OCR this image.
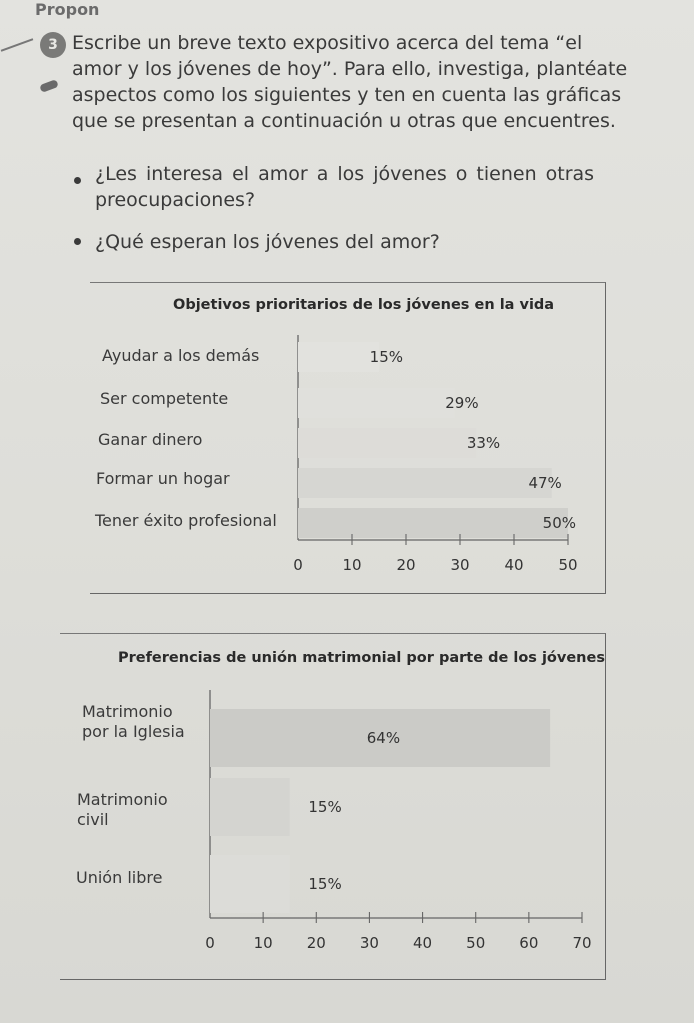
Propon
3 Escribe un breve texto expositivo acerca del tema “el
amor y los jóvenes de hoy”. Para ello, investiga, plantéate
aspectos como los siguientes y ten en cuenta las gráficas
que se presentan a continuación u otras que encuentres.
¿Les interesa el amor a los jóvenes o tienen otras
preocupaciones?
¿Qué esperan los jóvenes del amor?
Objetivos prioritarios de los jóvenes en la vida
Ayudar a los demás
Ser competente
Ganar dinero
Formar un hogar
Tener éxito profesional
15%
29%
33%
47%
50%
0	10 20 30 40 50
Preferencias de unión matrimonial por parte de los jóvenes
Matrimonio
por la Iglesia
Matrimonio
civil
Unión libre
64%
15%
15%
0	10 20 30 40 50 60 70
